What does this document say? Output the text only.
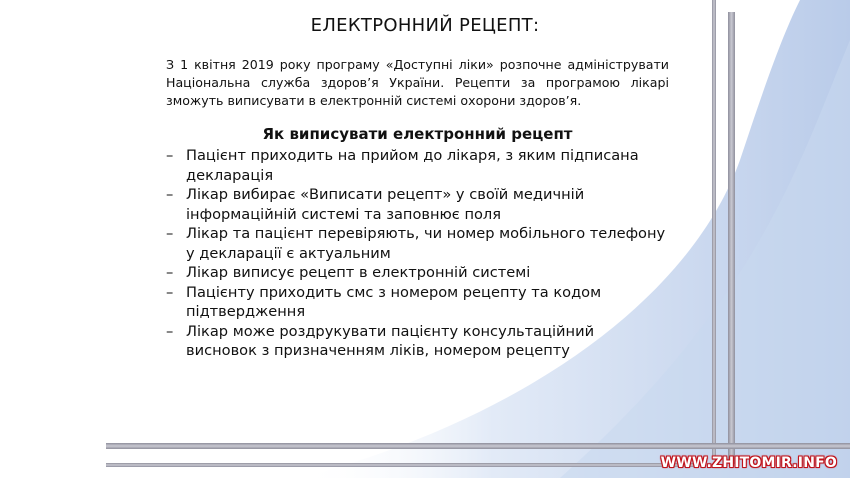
ЕЛЕКТРОННИЙ РЕЦЕПТ:

З 1 квітня 2019 року програму «Доступні ліки» розпочне адмініструвати Національна служба здоров’я України. Рецепти за програмою лікарі зможуть виписувати в електронній системі охорони здоров’я.

Як виписувати електронний рецепт
– Пацієнт приходить на прийом до лікаря, з яким підписана декларація
– Лікар вибирає «Виписати рецепт» у своїй медичній інформаційній системі та заповнює поля
– Лікар та пацієнт перевіряють, чи номер мобільного телефону у декларації є актуальним
– Лікар виписує рецепт в електронній системі
– Пацієнту приходить смс з номером рецепту та кодом підтвердження
– Лікар може роздрукувати пацієнту консультаційний висновок з призначенням ліків, номером рецепту
WWW.ZHITOMIR.INFO
